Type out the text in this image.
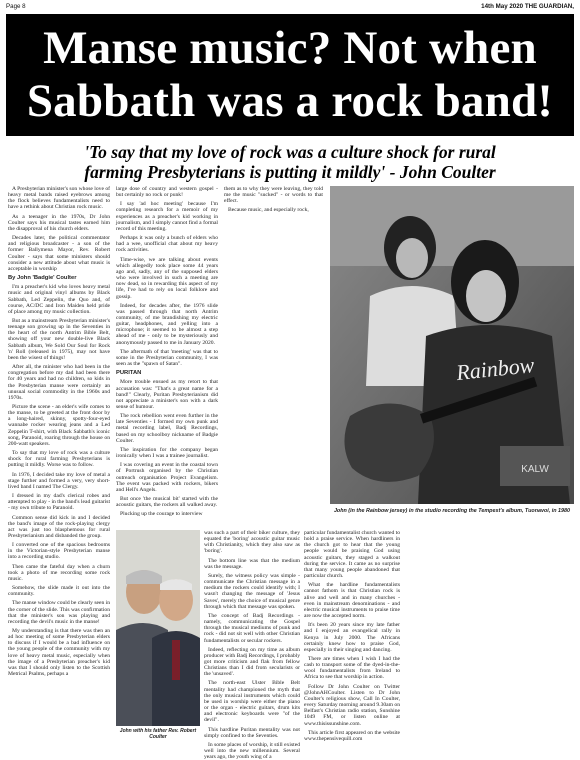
Page 8	14th May 2020 THE GUARDIAN,
Manse music? Not when
Sabbath was a rock band!
'To say that my love of rock was a culture shock for rural
farming Presbyterians is putting it mildly' - John Coulter

A Presbyterian minister's son whose love of heavy metal bands raised eyebrows among the flock believes fundamentalists need to have a rethink about Christian rock music.

As a teenager in the 1970s, Dr John Coulter says his musical tastes earned him the disapproval of his church elders.

Decades later, the political commentator and religious broadcaster - a son of the former Ballymena Mayor, Rev. Robert Coulter - says that some ministers should consider a new attitude about what music is acceptable in worship

By John 'Badgie' Coulter

I'm a preacher's kid who loves heavy metal music and original vinyl albums by Black Sabbath, Led Zeppelin, the Quo and, of course, AC/DC and Iron Maiden held pride of place among my music collection.

But as a mainstream Presbyterian minister's teenage son growing up in the Seventies in the heart of the north Antrim Bible Belt, showing off your new double-live Black Sabbath album, We Sold Our Soul for Rock 'n' Roll (released in 1975), may not have been the wisest of things!

After all, the minister who had been in the congregation before my dad had been there for 40 years and had no children, so kids in the Presbyterian manse were certainly an unusual social commodity in the 1960s and 1970s.

Picture the scene - an elder's wife comes to the manse, to be greeted at the front door by a long-haired, skinny, spotty-four-eyed wannabe rocker wearing jeans and a Led Zeppelin T-shirt, with Black Sabbath's iconic song, Paranoid, roaring through the house on 200-watt speakers.

To say that my love of rock was a culture shock for rural farming Presbyterians is putting it mildly. Worse was to follow.

In 1976, I decided take my love of metal a stage further and formed a very, very short-lived band I named The Clergy.

I dressed in my dad's clerical robes and attempted to play - in the band's lead guitarist - my own tribute to Paranoid.

Common sense did kick in and I decided the band's image of the rock-playing clergy act was just too blasphemous for rural Presbyterianism and disbanded the group.

I converted one of the spacious bedrooms in the Victorian-style Presbyterian manse into a recording studio.

Then came the fateful day when a churn took a photo of me recording some rock music.

Somehow, the slide made it out into the community.

The manse window could be clearly seen in the corner of the slide. This was confirmation that the minister's son was playing and recording the devil's music in the manse!

My understanding is that there was then an ad hoc meeting of some Presbyterian elders to discuss if I would be a bad influence on the young people of the community with my love of heavy metal music, especially when the image of a Presbyterian preacher's kid was that I should only listen to the Scottish Metrical Psalms, perhaps a

large dose of country and western gospel - but certainly no rock or punk!

I say 'ad hoc meeting' because I'm completing research for a memoir of my experiences as a preacher's kid working in journalism, and I simply cannot find a formal record of this meeting.

Perhaps it was only a bunch of elders who had a wee, unofficial chat about my heavy rock activities.

Time-wise, we are talking about events which allegedly took place some 44 years ago and, sadly, any of the supposed elders who were involved in such a meeting are now dead, so in rewarding this aspect of my life, I've had to rely on local folklore and gossip.

Indeed, for decades after, the 1976 slide was passed through that north Antrim community, of me brandishing my electric guitar, headphones, and yelling into a microphone; it seemed to be almost a step ahead of me - only to be mysteriously and anonymously passed to me in January 2020.

The aftermath of that 'meeting' was that to some in the Presbyterian community, I was seen as the "spawn of Satan".

PURITAN

More trouble ensued as my retort to that accusation was: "That's a great name for a band!" Clearly, Puritan Presbyterianism did not appreciate a minister's son with a dark sense of humour.

The rock rebellion went even further in the late Seventies - I formed my own punk and metal recording label, Badj Recordings, based on my schoolboy nickname of Badgie Coulter.

The inspiration for the company began ironically when I was a trainee journalist.

I was covering an event in the coastal town of Portrush organised by the Christian outreach organisation Project Evangelism. The event was packed with rockers, bikers and Hell's Angels.

But once 'the musical bit' started with the acoustic guitars, the rockers all walked away.

Plucking up the courage to interview

them as to why they were leaving, they told me the music "sucked" - or words to that effect.

Because music, and especially rock,

Rainbow
KALW
John (in the Rainbow jersey) in the studio recording the Tempest's album, Tuonavoi, in 1980
John with his father Rev. Robert Coulter

was such a part of their biker culture, they equated the 'boring' acoustic guitar music with Christianity, which they also saw as 'boring'.

The bottom line was that the medium was the message.

Surely, the witness policy was simple - communicate the Christian message in a medium the rockers could identify with; I wasn't changing the message of 'Jesus Saves', merely the choice of musical genre through which that message was spoken.

The concept of Badj Recordings - namely, communicating the Gospel through the musical mediums of punk and rock - did not sit well with other Christian fundamentalists or secular rockers.

Indeed, reflecting on my time as album producer with Badj Recordings, I probably got more criticism and flak from fellow Christians than I did from secularists or the 'unsaved'.

The north-east Ulster Bible Belt mentality had championed the myth that the only musical instruments which could be used in worship were either the piano or the organ - electric guitars, drum kits and electronic keyboards were "of the devil".

This hardline Puritan mentality was not simply confined to the Seventies.

In some places of worship, it still existed well into the new millennium. Several years ago, the youth wing of a

particular fundamentalist church wanted to hold a praise service. When hardliners in the church got to hear that the young people would be praising God using acoustic guitars, they staged a walkout during the service. It came as no surprise that many young people abandoned that particular church.

What the hardline fundamentalists cannot fathom is that Christian rock is alive and well and in many churches - even in mainstream denominations - and electric musical instruments to praise time are now the accepted norm.

It's been 20 years since my late father and I enjoyed an evangelical rally in Kenya in July 2000. The Africans certainly knew how to praise God, especially in their singing and dancing.

There are times when I wish I had the cash to transport some of the dyed-in-the-wool fundamentalists from Ireland to Africa to see that worship in action.

Follow Dr John Coulter on Twitter @JohnAHCoulter. Listen to Dr John Coulter's religious show, Call In Coulter, every Saturday morning around 9.30am on Belfast's Christian radio station, Sunshine 1049 FM, or listen online at www.thisissunshine.com.

This article first appeared on the website www.thepensivequill.com
